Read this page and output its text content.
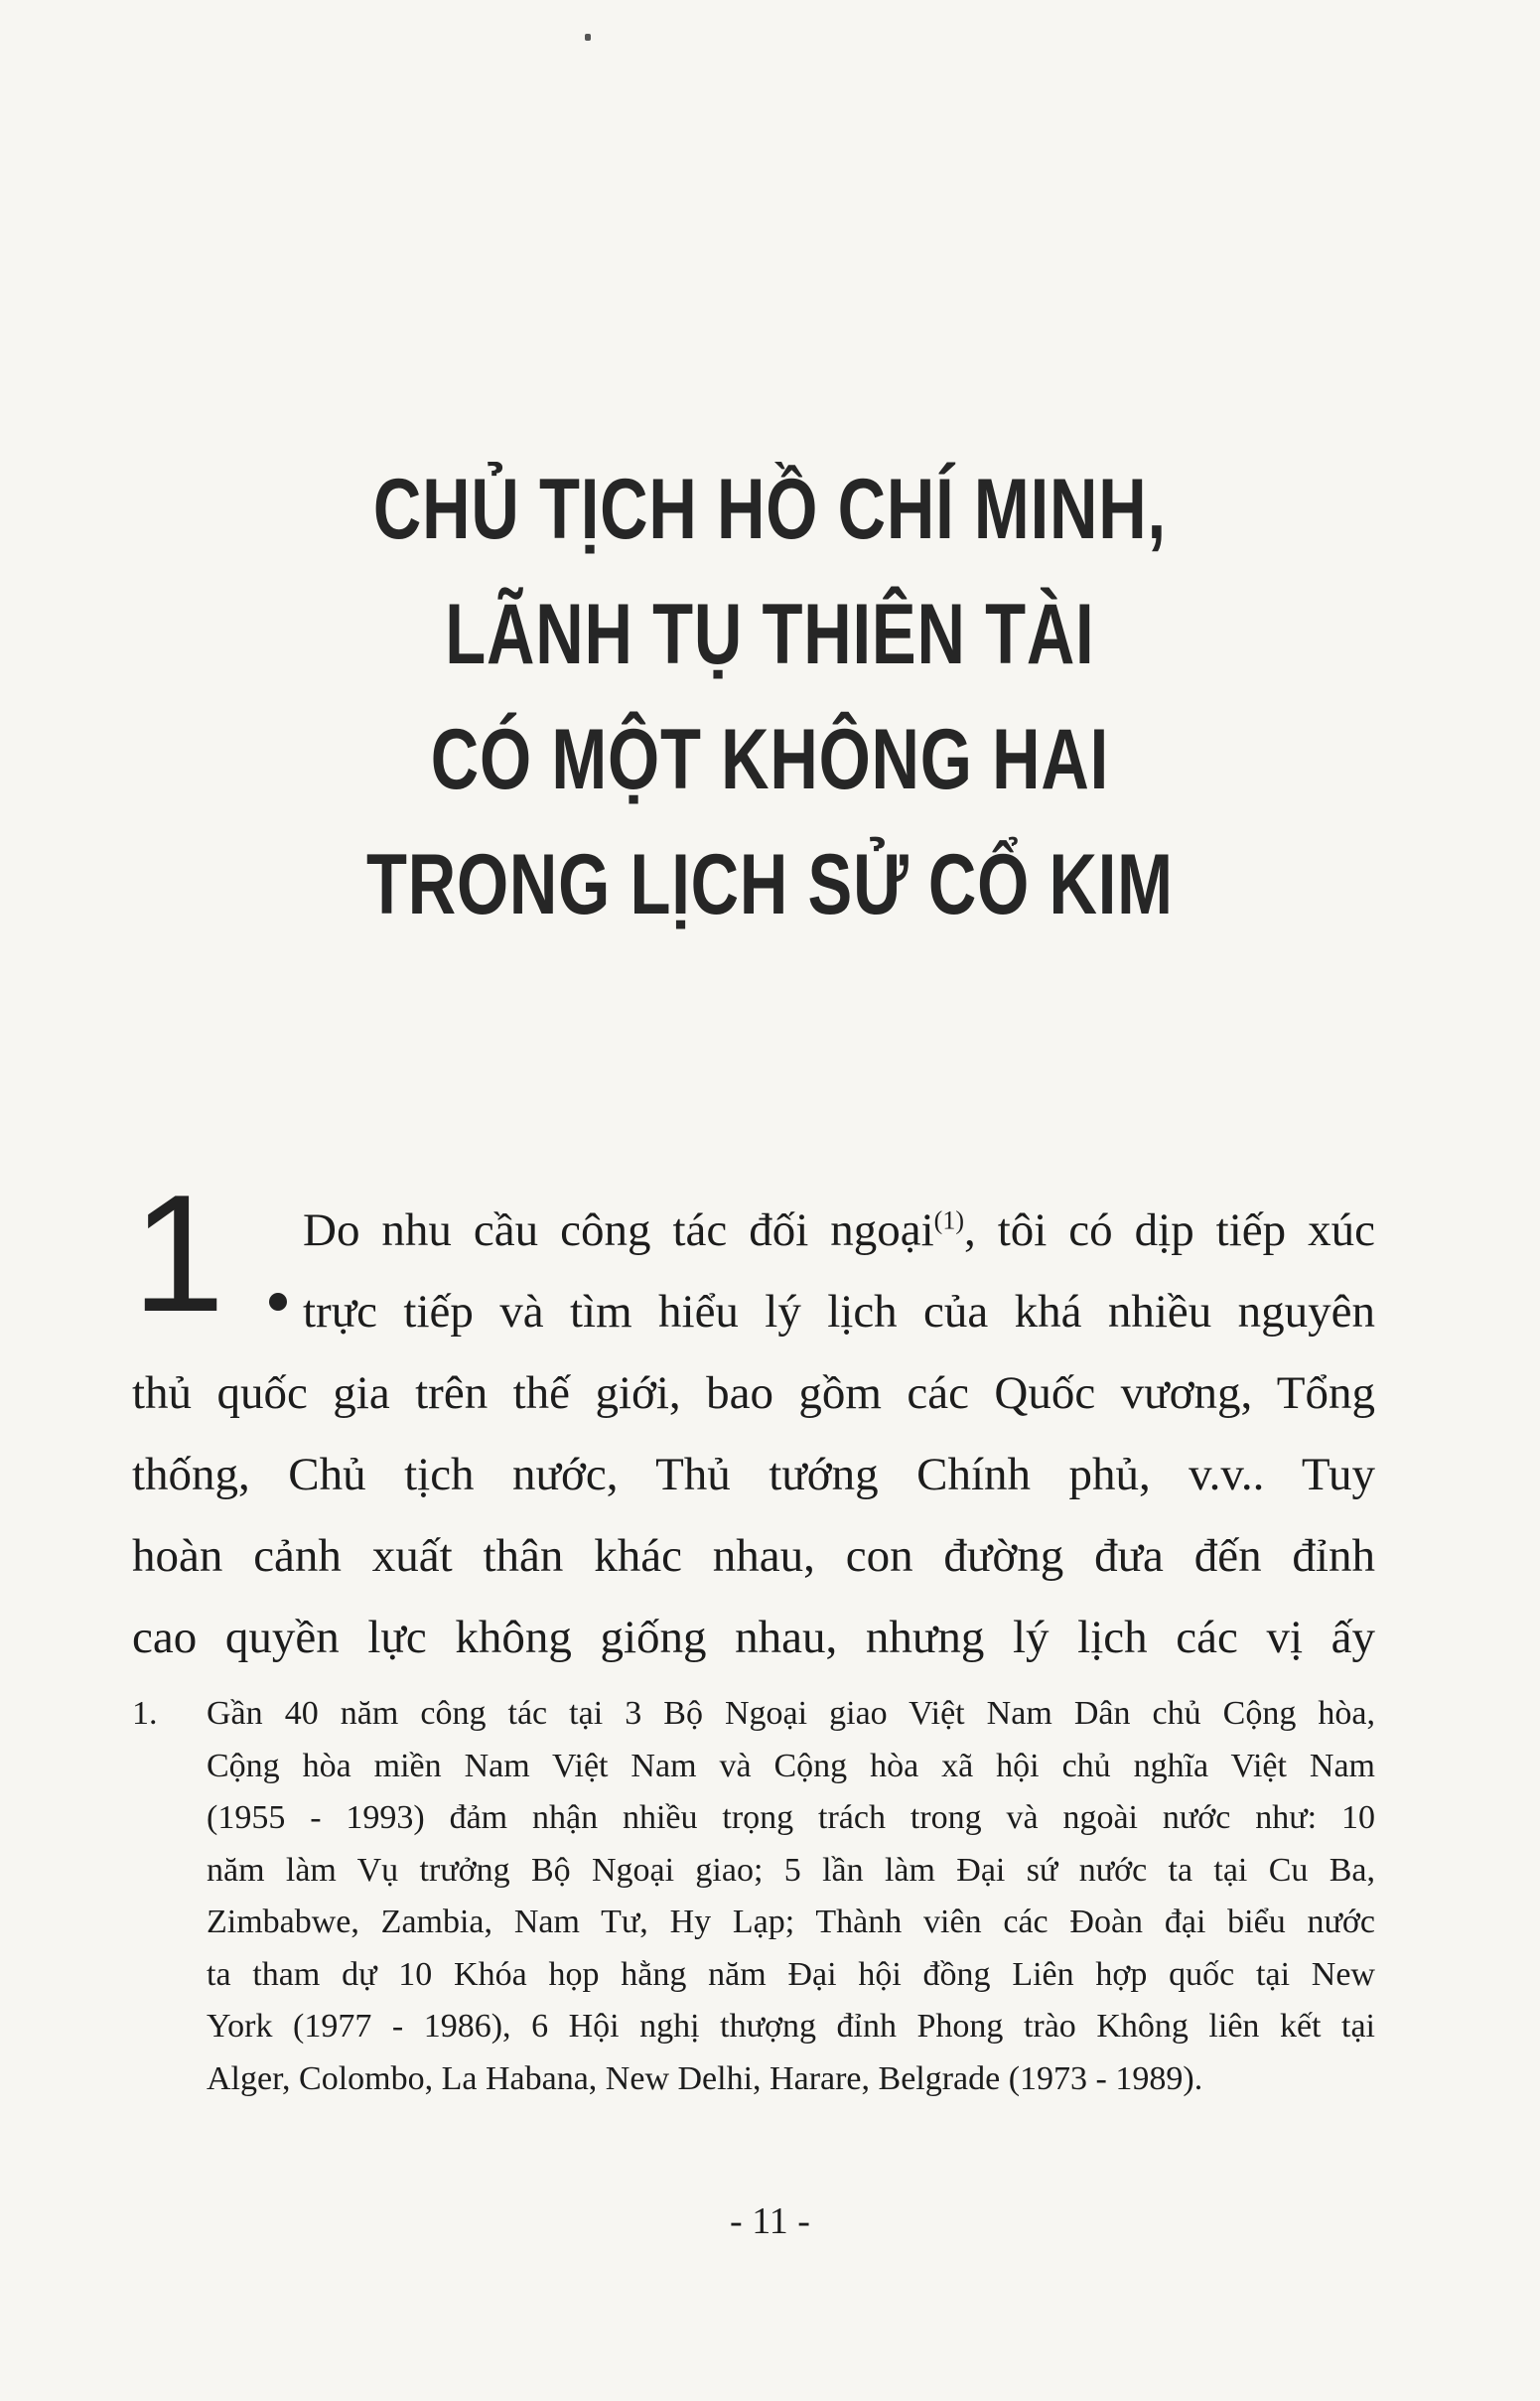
CHỦ TỊCH HỒ CHÍ MINH,
LÃNH TỤ THIÊN TÀI
CÓ MỘT KHÔNG HAI
TRONG LỊCH SỬ CỔ KIM
1	Do nhu cầu công tác đối ngoại$^{(1)}$, tôi có dịp tiếp xúc
trực tiếp và tìm hiểu lý lịch của khá nhiều nguyên
thủ quốc gia trên thế giới, bao gồm các Quốc vương, Tổng
thống, Chủ tịch nước, Thủ tướng Chính phủ, v.v.. Tuy
hoàn cảnh xuất thân khác nhau, con đường đưa đến đỉnh
cao quyền lực không giống nhau, nhưng lý lịch các vị ấy
1. Gần 40 năm công tác tại 3 Bộ Ngoại giao Việt Nam Dân chủ Cộng hòa,
Cộng hòa miền Nam Việt Nam và Cộng hòa xã hội chủ nghĩa Việt Nam
(1955 - 1993) đảm nhận nhiều trọng trách trong và ngoài nước như: 10
năm làm Vụ trưởng Bộ Ngoại giao; 5 lần làm Đại sứ nước ta tại Cu Ba,
Zimbabwe, Zambia, Nam Tư, Hy Lạp; Thành viên các Đoàn đại biểu nước
ta tham dự 10 Khóa họp hằng năm Đại hội đồng Liên hợp quốc tại New
York (1977 - 1986), 6 Hội nghị thượng đỉnh Phong trào Không liên kết tại
Alger, Colombo, La Habana, New Delhi, Harare, Belgrade (1973 - 1989).
- 11 -
